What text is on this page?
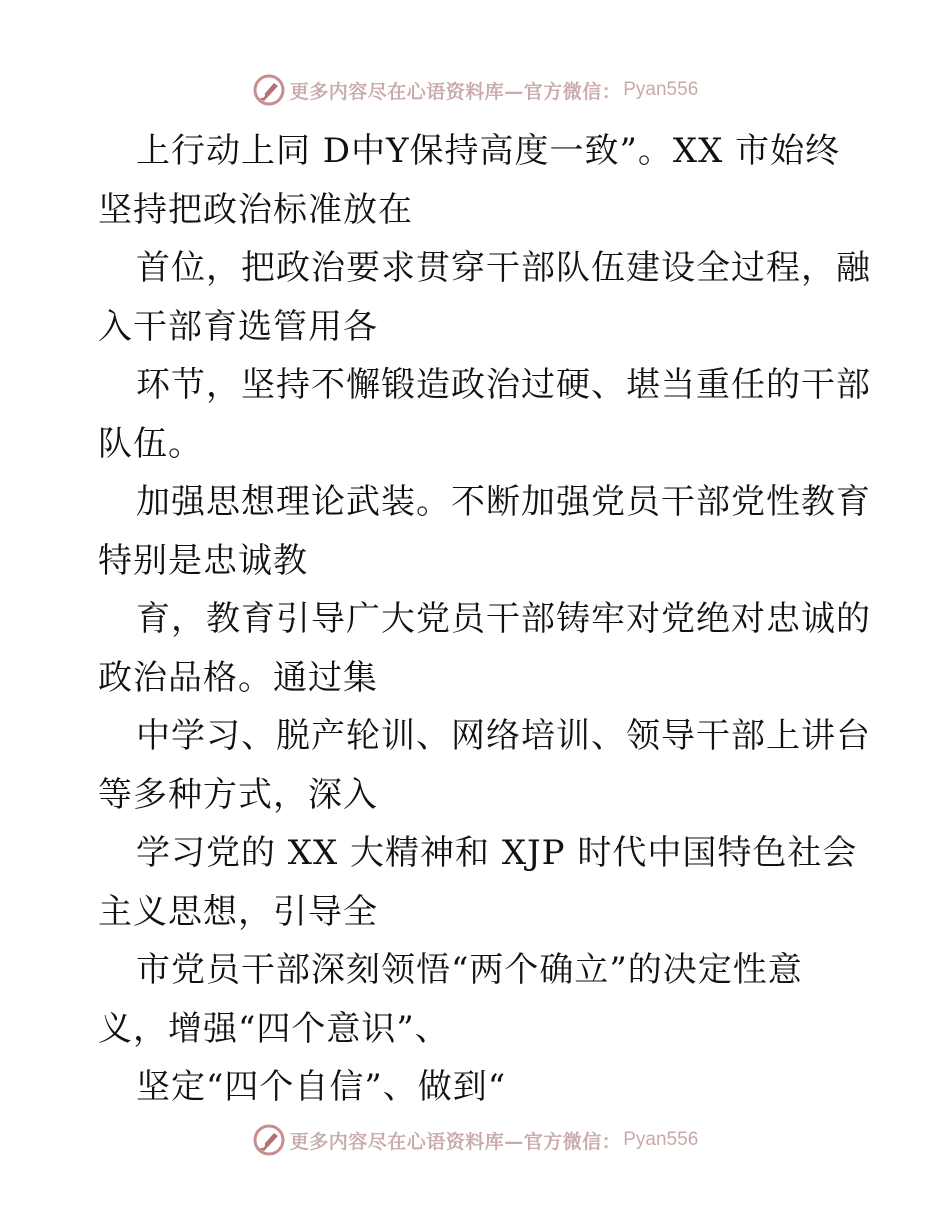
更多内容尽在心语资料库—官方微信： Pyan556
上行动上同 D中Y保持高度一致”。XX 市始终
坚持把政治标准放在
首位，把政治要求贯穿干部队伍建设全过程，融
入干部育选管用各
环节，坚持不懈锻造政治过硬、堪当重任的干部
队伍。
加强思想理论武装。不断加强党员干部党性教育
特别是忠诚教
育，教育引导广大党员干部铸牢对党绝对忠诚的
政治品格。通过集
中学习、脱产轮训、网络培训、领导干部上讲台
等多种方式，深入
学习党的 XX 大精神和 XJP 时代中国特色社会
主义思想，引导全
市党员干部深刻领悟“两个确立”的决定性意
义，增强“四个意识”、
坚定“四个自信”、做到“
更多内容尽在心语资料库—官方微信： Pyan556
